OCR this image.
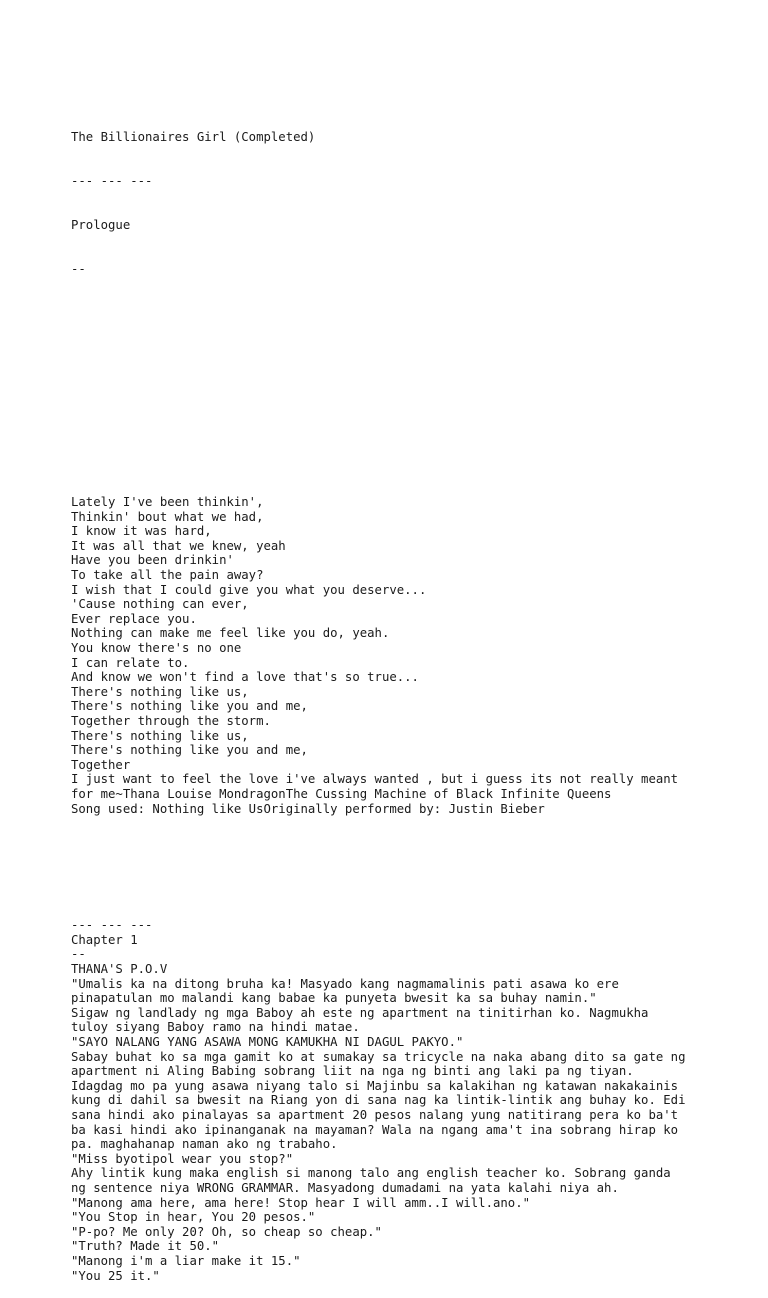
The Billionaires Girl (Completed)

--- --- ---

Prologue

--

Lately I've been thinkin',
Thinkin' bout what we had,
I know it was hard,
It was all that we knew, yeah
Have you been drinkin'
To take all the pain away?
I wish that I could give you what you deserve...
'Cause nothing can ever,
Ever replace you.
Nothing can make me feel like you do, yeah.
You know there's no one
I can relate to.
And know we won't find a love that's so true...
There's nothing like us,
There's nothing like you and me,
Together through the storm.
There's nothing like us,
There's nothing like you and me,
Together
I just want to feel the love i've always wanted , but i guess its not really meant
for me~Thana Louise MondragonThe Cussing Machine of Black Infinite Queens
Song used: Nothing like UsOriginally performed by: Justin Bieber

--- --- ---
Chapter 1
--
THANA'S P.O.V
"Umalis ka na ditong bruha ka! Masyado kang nagmamalinis pati asawa ko ere
pinapatulan mo malandi kang babae ka punyeta bwesit ka sa buhay namin."
Sigaw ng landlady ng mga Baboy ah este ng apartment na tinitirhan ko. Nagmukha
tuloy siyang Baboy ramo na hindi matae.
"SAYO NALANG YANG ASAWA MONG KAMUKHA NI DAGUL PAKYO."
Sabay buhat ko sa mga gamit ko at sumakay sa tricycle na naka abang dito sa gate ng
apartment ni Aling Babing sobrang liit na nga ng binti ang laki pa ng tiyan.
Idagdag mo pa yung asawa niyang talo si Majinbu sa kalakihan ng katawan nakakainis
kung di dahil sa bwesit na Riang yon di sana nag ka lintik-lintik ang buhay ko. Edi
sana hindi ako pinalayas sa apartment 20 pesos nalang yung natitirang pera ko ba't
ba kasi hindi ako ipinanganak na mayaman? Wala na ngang ama't ina sobrang hirap ko
pa. maghahanap naman ako ng trabaho.
"Miss byotipol wear you stop?"
Ahy lintik kung maka english si manong talo ang english teacher ko. Sobrang ganda
ng sentence niya WRONG GRAMMAR. Masyadong dumadami na yata kalahi niya ah.
"Manong ama here, ama here! Stop hear I will amm..I will.ano."
"You Stop in hear, You 20 pesos."
"P-po? Me only 20? Oh, so cheap so cheap."
"Truth? Made it 50."
"Manong i'm a liar make it 15."
"You 25 it."
